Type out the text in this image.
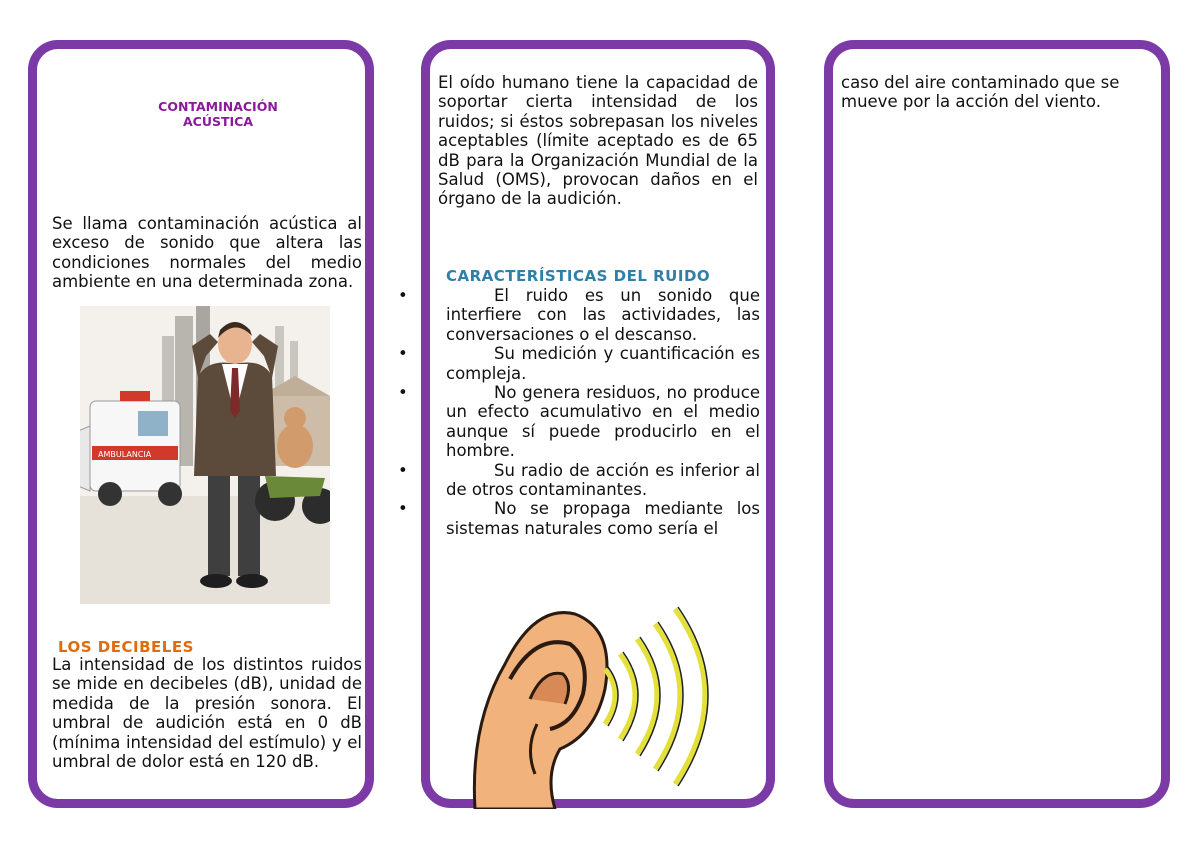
CONTAMINACIÓN ACÚSTICA
Se llama contaminación acústica al exceso de sonido que altera las condiciones normales del medio ambiente en una determinada zona.
AMBULANCIA
LOS DECIBELES
La intensidad de los distintos ruidos se mide en decibeles (dB), unidad de medida de la presión sonora. El umbral de audición está en 0 dB (mínima intensidad del estímulo) y el umbral de dolor está en 120 dB.
El oído humano tiene la capacidad de soportar cierta intensidad de los ruidos; si éstos sobrepasan los niveles aceptables (límite aceptado es de 65 dB para la Organización Mundial de la Salud (OMS), provocan daños en el órgano de la audición.
CARACTERÍSTICAS DEL RUIDO
• El ruido es un sonido que interfiere con las actividades, las conversaciones o el descanso.
• Su medición y cuantificación es compleja.
• No genera residuos, no produce un efecto acumulativo en el medio aunque sí puede producirlo en el hombre.
• Su radio de acción es inferior al de otros contaminantes.
• No se propaga mediante los sistemas naturales como sería el
caso del aire contaminado que se mueve por la acción del viento.
